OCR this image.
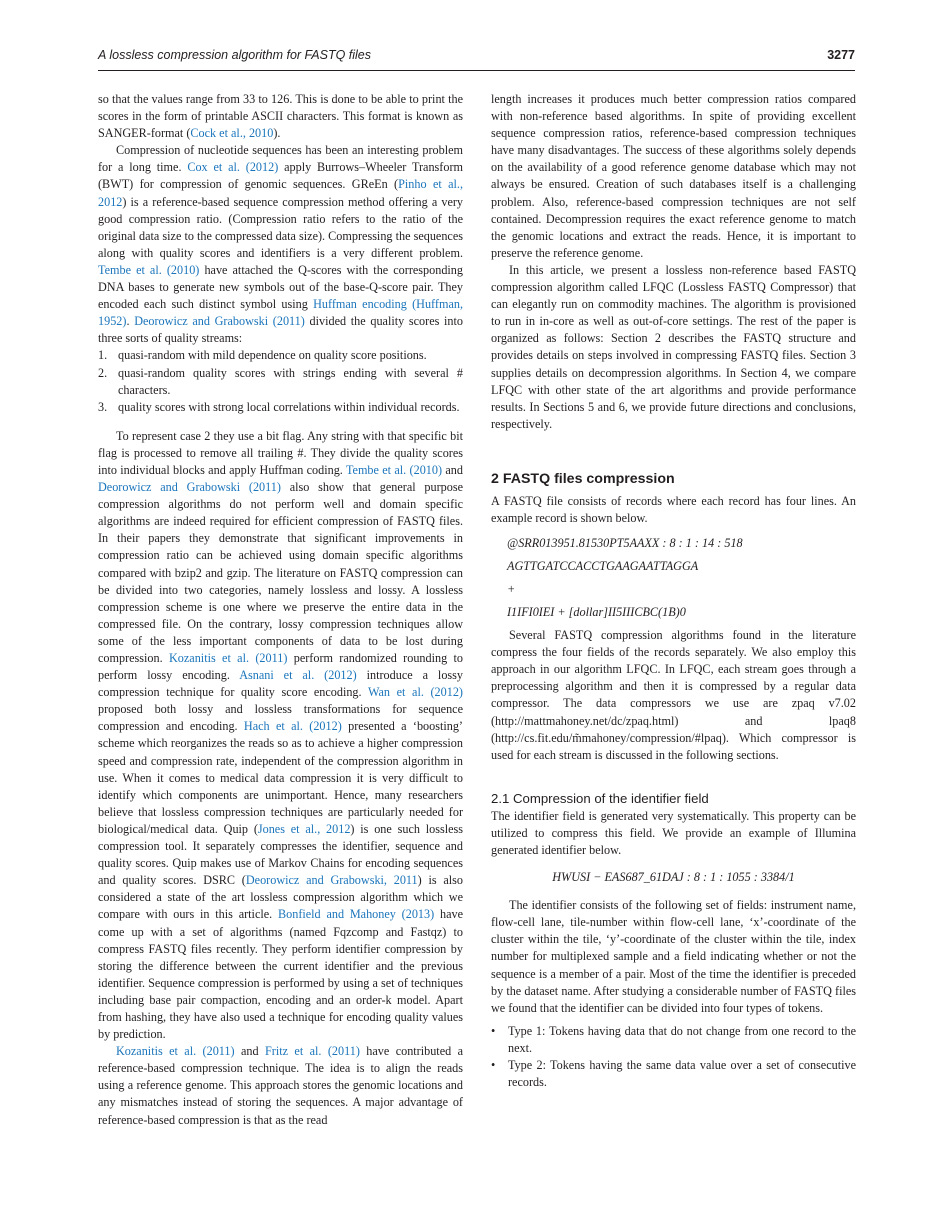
A lossless compression algorithm for FASTQ files	3277

so that the values range from 33 to 126. This is done to be able to print the scores in the form of printable ASCII characters. This format is known as SANGER-format (Cock et al., 2010).

Compression of nucleotide sequences has been an interesting problem for a long time. Cox et al. (2012) apply Burrows–Wheeler Transform (BWT) for compression of genomic sequences. GReEn (Pinho et al., 2012) is a reference-based sequence compression method offering a very good compression ratio. (Compression ratio refers to the ratio of the original data size to the compressed data size). Compressing the sequences along with quality scores and identifiers is a very different problem. Tembe et al. (2010) have attached the Q-scores with the corresponding DNA bases to generate new symbols out of the base-Q-score pair. They encoded each such distinct symbol using Huffman encoding (Huffman, 1952). Deorowicz and Grabowski (2011) divided the quality scores into three sorts of quality streams:

1. quasi-random with mild dependence on quality score positions.
2. quasi-random quality scores with strings ending with several # characters.
3. quality scores with strong local correlations within individual records.

To represent case 2 they use a bit flag. Any string with that specific bit flag is processed to remove all trailing #. They divide the quality scores into individual blocks and apply Huffman coding. Tembe et al. (2010) and Deorowicz and Grabowski (2011) also show that general purpose compression algorithms do not perform well and domain specific algorithms are indeed required for efficient compression of FASTQ files. In their papers they demonstrate that significant improvements in compression ratio can be achieved using domain specific algorithms compared with bzip2 and gzip. The literature on FASTQ compression can be divided into two categories, namely lossless and lossy. A lossless compression scheme is one where we preserve the entire data in the compressed file. On the contrary, lossy compression techniques allow some of the less important components of data to be lost during compression. Kozanitis et al. (2011) perform randomized rounding to perform lossy encoding. Asnani et al. (2012) introduce a lossy compression technique for quality score encoding. Wan et al. (2012) proposed both lossy and lossless transformations for sequence compression and encoding. Hach et al. (2012) presented a ‘boosting’ scheme which reorganizes the reads so as to achieve a higher compression speed and compression rate, independent of the compression algorithm in use. When it comes to medical data compression it is very difficult to identify which components are unimportant. Hence, many researchers believe that lossless compression techniques are particularly needed for biological/medical data. Quip (Jones et al., 2012) is one such lossless compression tool. It separately compresses the identifier, sequence and quality scores. Quip makes use of Markov Chains for encoding sequences and quality scores. DSRC (Deorowicz and Grabowski, 2011) is also considered a state of the art lossless compression algorithm which we compare with ours in this article. Bonfield and Mahoney (2013) have come up with a set of algorithms (named Fqzcomp and Fastqz) to compress FASTQ files recently. They perform identifier compression by storing the difference between the current identifier and the previous identifier. Sequence compression is performed by using a set of techniques including base pair compaction, encoding and an order-k model. Apart from hashing, they have also used a technique for encoding quality values by prediction.

Kozanitis et al. (2011) and Fritz et al. (2011) have contributed a reference-based compression technique. The idea is to align the reads using a reference genome. This approach stores the genomic locations and any mismatches instead of storing the sequences. A major advantage of reference-based compression is that as the read

length increases it produces much better compression ratios compared with non-reference based algorithms. In spite of providing excellent sequence compression ratios, reference-based compression techniques have many disadvantages. The success of these algorithms solely depends on the availability of a good reference genome database which may not always be ensured. Creation of such databases itself is a challenging problem. Also, reference-based compression techniques are not self contained. Decompression requires the exact reference genome to match the genomic locations and extract the reads. Hence, it is important to preserve the reference genome.

In this article, we present a lossless non-reference based FASTQ compression algorithm called LFQC (Lossless FASTQ Compressor) that can elegantly run on commodity machines. The algorithm is provisioned to run in in-core as well as out-of-core settings. The rest of the paper is organized as follows: Section 2 describes the FASTQ structure and provides details on steps involved in compressing FASTQ files. Section 3 supplies details on decompression algorithms. In Section 4, we compare LFQC with other state of the art algorithms and provide performance results. In Sections 5 and 6, we provide future directions and conclusions, respectively.

2 FASTQ files compression

A FASTQ file consists of records where each record has four lines. An example record is shown below.

@SRR013951.81530PT5AAXX : 8 : 1 : 14 : 518
AGTTGATCCACCTGAAGAATTAGGA
+
I1IFI0IEI + [dollar]II5IIICBC(1B)0

Several FASTQ compression algorithms found in the literature compress the four fields of the records separately. We also employ this approach in our algorithm LFQC. In LFQC, each stream goes through a preprocessing algorithm and then it is compressed by a regular data compressor. The data compressors we use are zpaq v7.02 (http://mattmahoney.net/dc/zpaq.html) and lpaq8 (http://cs.fit.edu/m̃mahoney/compression/#lpaq). Which compressor is used for each stream is discussed in the following sections.

2.1 Compression of the identifier field

The identifier field is generated very systematically. This property can be utilized to compress this field. We provide an example of Illumina generated identifier below.

HWUSI − EAS687_61DAJ : 8 : 1 : 1055 : 3384/1

The identifier consists of the following set of fields: instrument name, flow-cell lane, tile-number within flow-cell lane, ‘x’-coordinate of the cluster within the tile, ‘y’-coordinate of the cluster within the tile, index number for multiplexed sample and a field indicating whether or not the sequence is a member of a pair. Most of the time the identifier is preceded by the dataset name. After studying a considerable number of FASTQ files we found that the identifier can be divided into four types of tokens.

• Type 1: Tokens having data that do not change from one record to the next.
• Type 2: Tokens having the same data value over a set of consecutive records.
